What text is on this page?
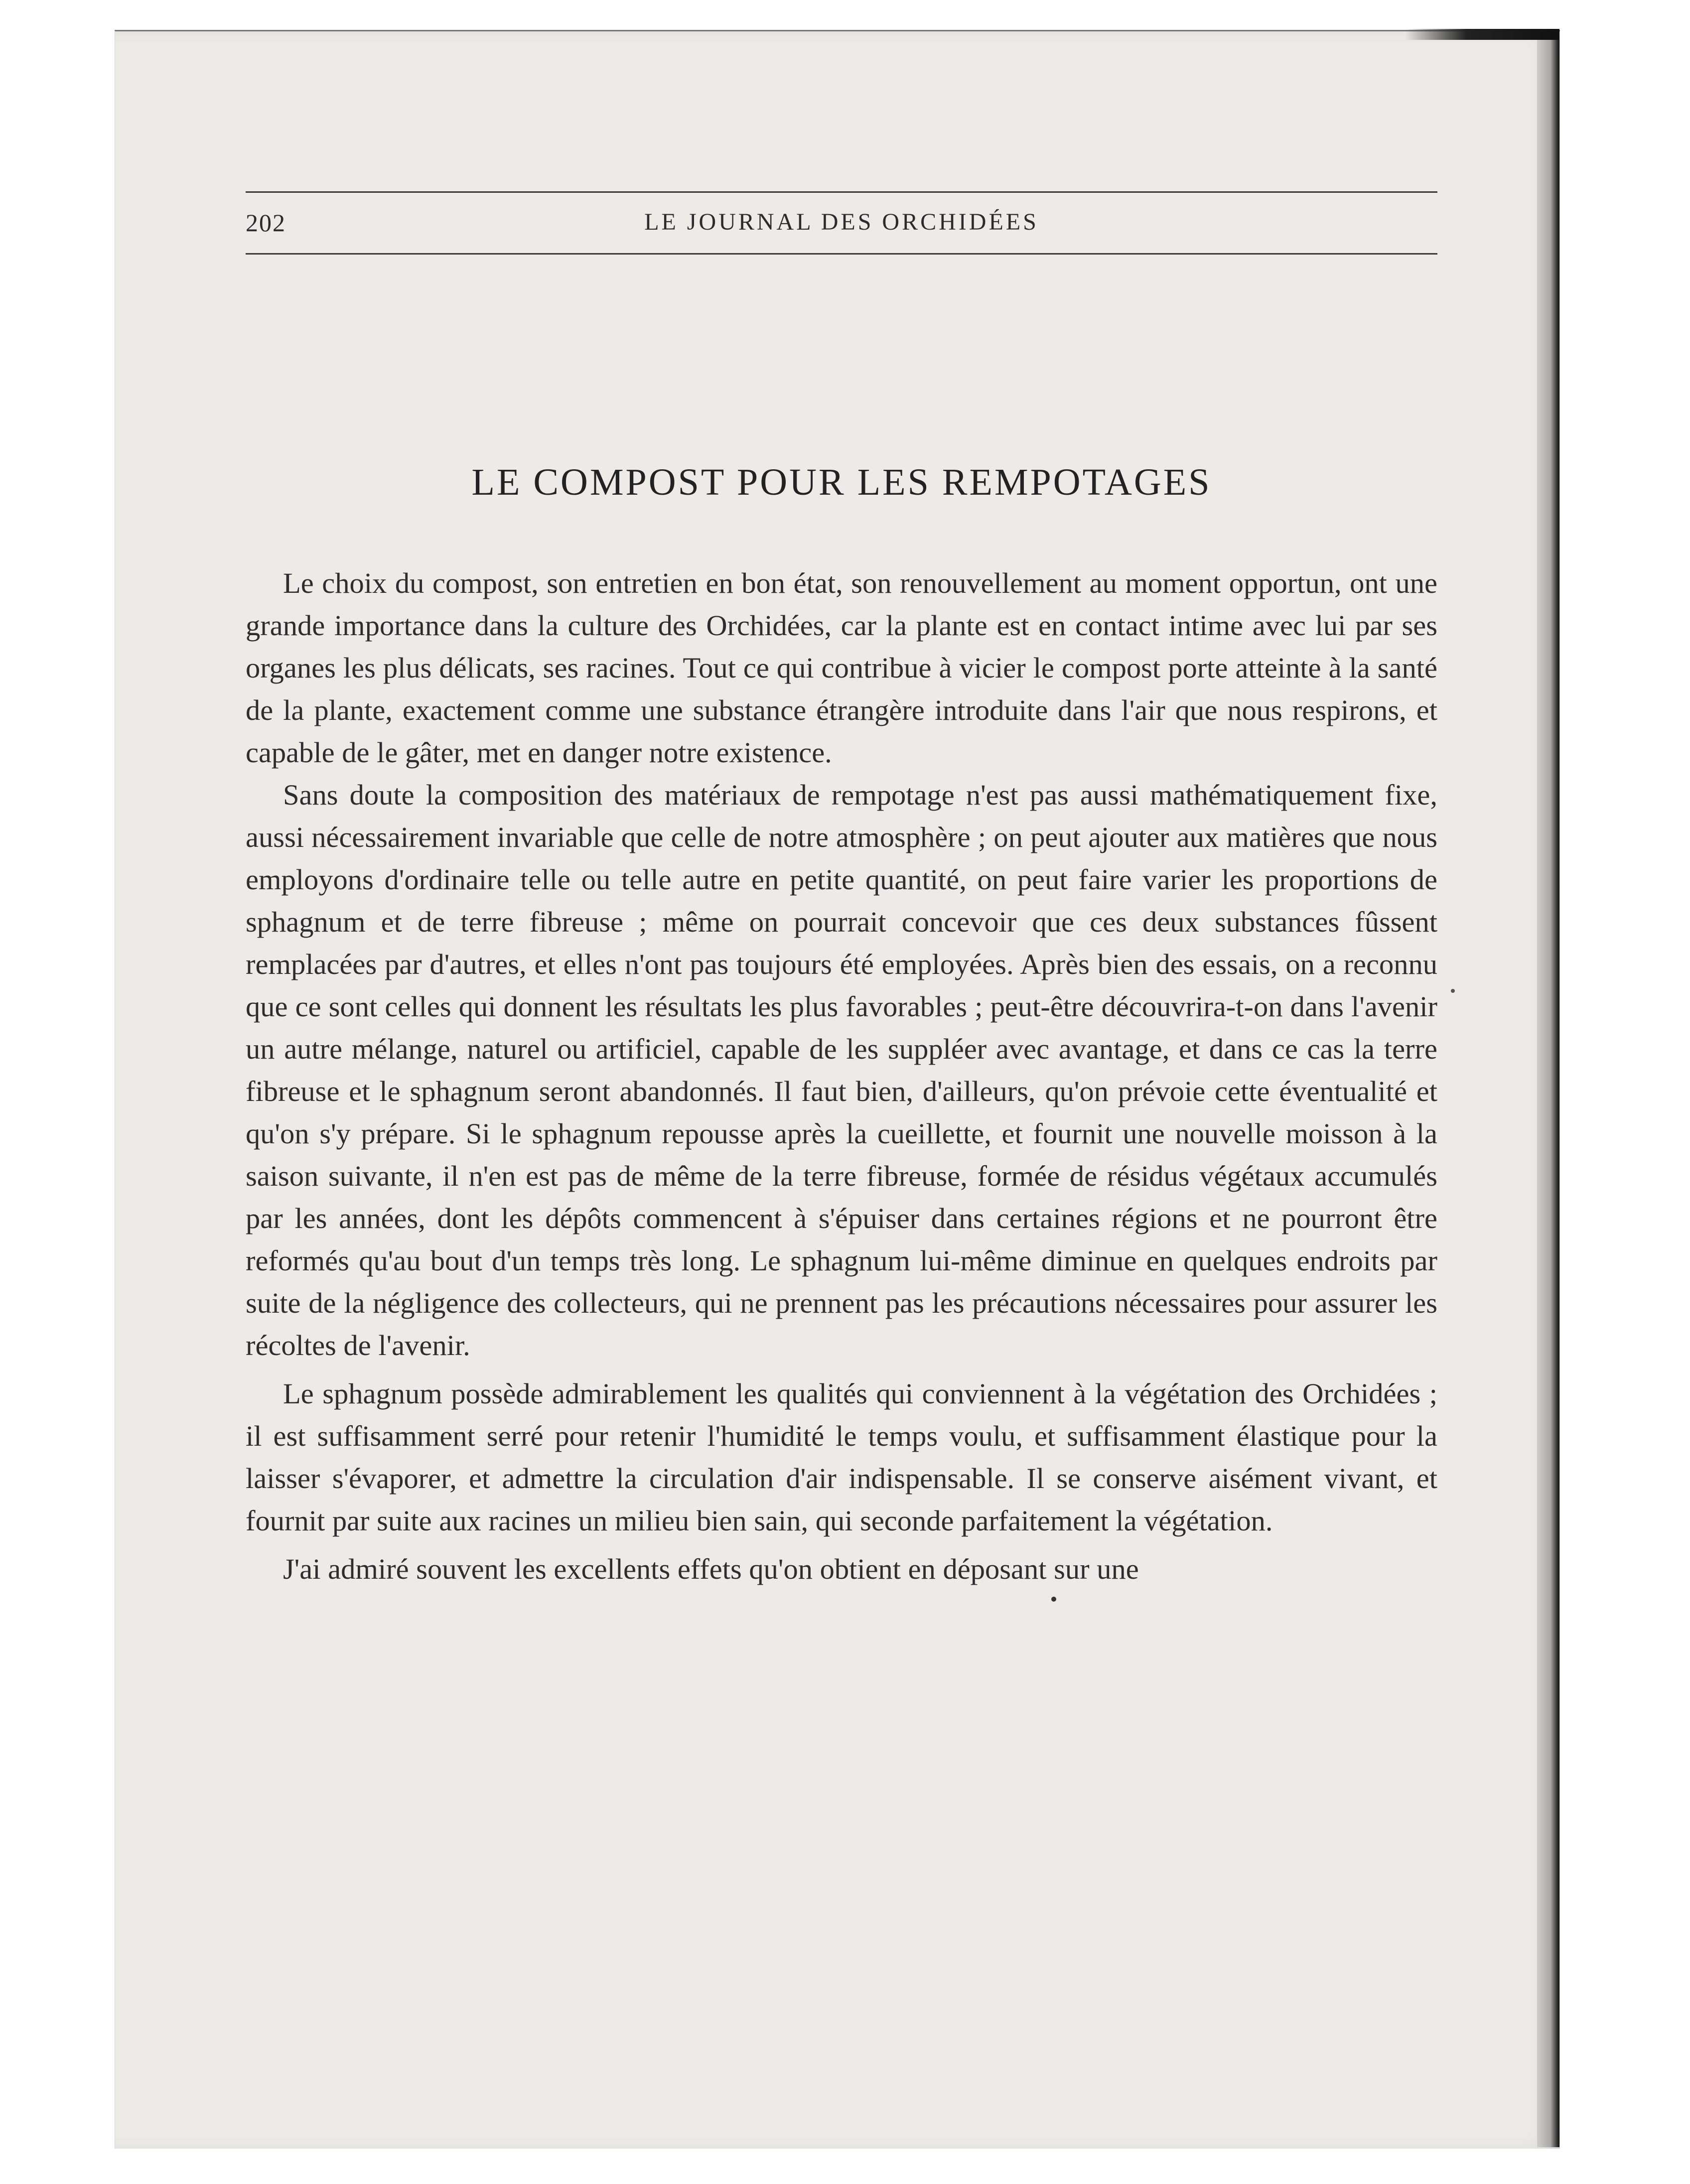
202	LE JOURNAL DES ORCHIDÉES
LE COMPOST POUR LES REMPOTAGES

Le choix du compost, son entretien en bon état, son renouvellement au moment opportun, ont une grande importance dans la culture des Orchidées, car la plante est en contact intime avec lui par ses organes les plus délicats, ses racines. Tout ce qui contribue à vicier le compost porte atteinte à la santé de la plante, exactement comme une substance étrangère introduite dans l'air que nous respirons, et capable de le gâter, met en danger notre existence.

Sans doute la composition des matériaux de rempotage n'est pas aussi mathématiquement fixe, aussi nécessairement invariable que celle de notre atmosphère ; on peut ajouter aux matières que nous employons d'ordinaire telle ou telle autre en petite quantité, on peut faire varier les proportions de sphagnum et de terre fibreuse ; même on pourrait concevoir que ces deux substances fûssent remplacées par d'autres, et elles n'ont pas toujours été employées. Après bien des essais, on a reconnu que ce sont celles qui donnent les résultats les plus favorables ; peut-être découvrira-t-on dans l'avenir un autre mélange, naturel ou artificiel, capable de les suppléer avec avantage, et dans ce cas la terre fibreuse et le sphagnum seront abandonnés. Il faut bien, d'ailleurs, qu'on prévoie cette éventualité et qu'on s'y prépare. Si le sphagnum repousse après la cueillette, et fournit une nouvelle moisson à la saison suivante, il n'en est pas de même de la terre fibreuse, formée de résidus végétaux accumulés par les années, dont les dépôts commencent à s'épuiser dans certaines régions et ne pourront être reformés qu'au bout d'un temps très long. Le sphagnum lui-même diminue en quelques endroits par suite de la négligence des collecteurs, qui ne prennent pas les précautions nécessaires pour assurer les récoltes de l'avenir.

Le sphagnum possède admirablement les qualités qui conviennent à la végétation des Orchidées ; il est suffisamment serré pour retenir l'humidité le temps voulu, et suffisamment élastique pour la laisser s'évaporer, et admettre la circulation d'air indispensable. Il se conserve aisément vivant, et fournit par suite aux racines un milieu bien sain, qui seconde parfaitement la végétation.

J'ai admiré souvent les excellents effets qu'on obtient en déposant sur une
